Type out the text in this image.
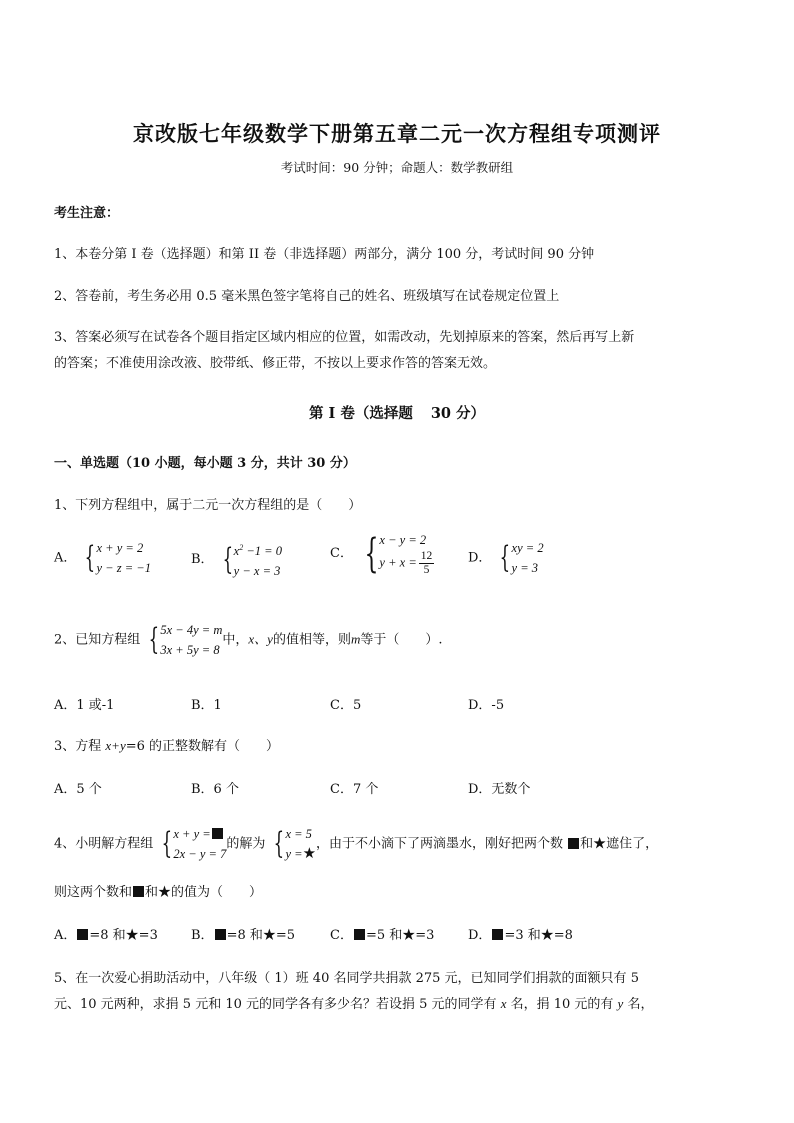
京改版七年级数学下册第五章二元一次方程组专项测评
考试时间：90 分钟；命题人：数学教研组
考生注意：
1、本卷分第 I 卷（选择题）和第 II 卷（非选择题）两部分，满分 100 分，考试时间 90 分钟
2、答卷前，考生务必用 0.5 毫米黑色签字笔将自己的姓名、班级填写在试卷规定位置上
3、答案必须写在试卷各个题目指定区域内相应的位置，如需改动，先划掉原来的答案，然后再写上新
的答案；不准使用涂改液、胶带纸、修正带，不按以上要求作答的答案无效。
第 I 卷（选择题 30 分）
一、单选题（10 小题，每小题 3 分，共计 30 分）
1、下列方程组中，属于二元一次方程组的是（　　）
A． { x + y = 2
y − z = −1
B． { $x^2 -1 = 0$
y − x = 3
C． { x − y = 2
$y + x = \frac{12}{5}$	D． { xy = 2
y = 3
2、已知方程组 { 5x − 4y = m
3x + 5y = 8
中，x、y的值相等，则m等于（　　）.
A．1 或-1	B．1	C．5	D．-5
3、方程 x+y=6 的正整数解有（　　）
A．5 个	B．6 个	C．7 个	D．无数个
4、小明解方程组 { x + y =
2x − y = 7
的解为 { x = 5
y =★
，由于不小滴下了两滴墨水，刚好把两个数 和★遮住了，
则这两个数和 和★的值为（　　）
A． =8 和★=3	B． =8 和★=5	C． =5 和★=3	D． =3 和★=8
5、在一次爱心捐助活动中，八年级（ 1）班 40 名同学共捐款 275 元，已知同学们捐款的面额只有 5
元、10 元两种，求捐 5 元和 10 元的同学各有多少名？若设捐 5 元的同学有 x 名，捐 10 元的有 y 名，
